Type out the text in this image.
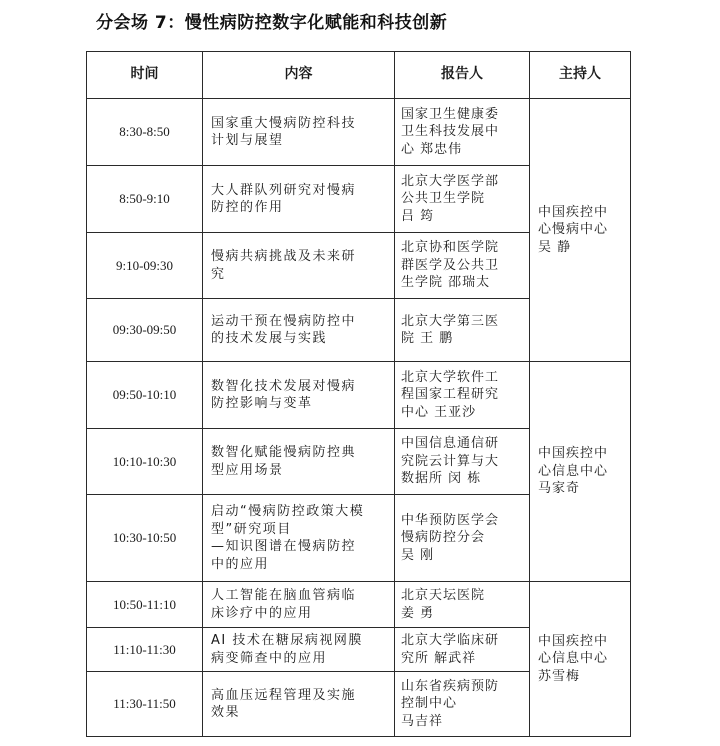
分会场 7：慢性病防控数字化赋能和科技创新
时间	内容	报告人	主持人
8:30-8:50	国家重大慢病防控科技
计划与展望	国家卫生健康委
卫生科技发展中
心 郑忠伟	中国疾控中
心慢病中心
吴 静
8:50-9:10	大人群队列研究对慢病
防控的作用	北京大学医学部
公共卫生学院
吕 筠	
9:10-09:30	慢病共病挑战及未来研
究	北京协和医学院
群医学及公共卫
生学院 邵瑞太	
09:30-09:50	运动干预在慢病防控中
的技术发展与实践	北京大学第三医
院 王 鹏	
09:50-10:10	数智化技术发展对慢病
防控影响与变革	北京大学软件工
程国家工程研究
中心 王亚沙	中国疾控中
心信息中心
马家奇
10:10-10:30	数智化赋能慢病防控典
型应用场景	中国信息通信研
究院云计算与大
数据所 闵 栋	
10:30-10:50	启动“慢病防控政策大模
型”研究项目
—知识图谱在慢病防控
中的应用	中华预防医学会
慢病防控分会
吴 刚	
10:50-11:10	人工智能在脑血管病临
床诊疗中的应用	北京天坛医院
姜 勇	中国疾控中
心信息中心
苏雪梅
11:10-11:30	AI 技术在糖尿病视网膜
病变筛查中的应用	北京大学临床研
究所 解武祥	
11:30-11:50	高血压远程管理及实施
效果	山东省疾病预防
控制中心
马吉祥	
